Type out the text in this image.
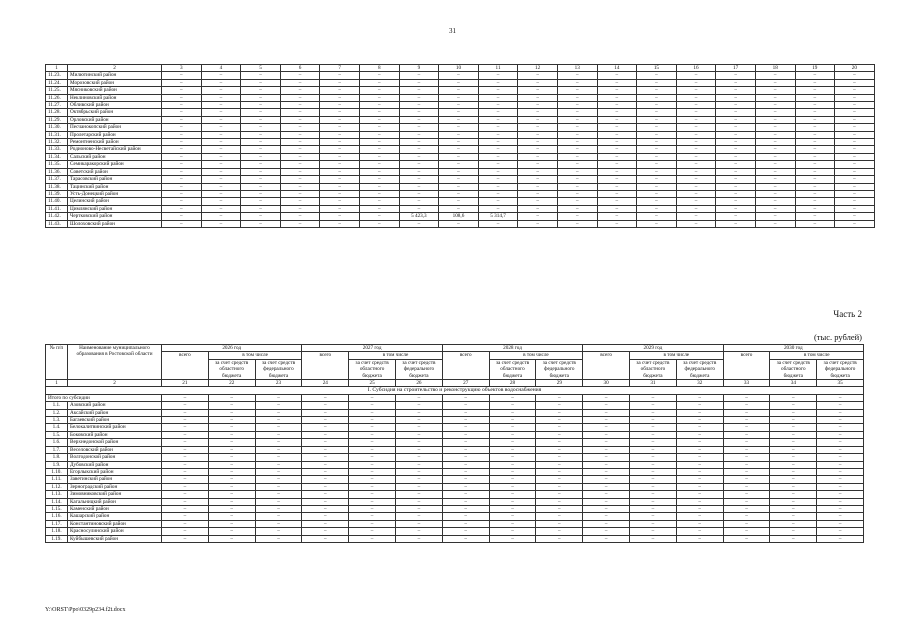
31
1	2	3	4	5	6	7	8	9	10	11	12	13	14	15	16	17	18	19	20
11.23.	Милютинский район	–	–	–	–	–	–	–	–	–	–	–	–	–	–	–	–	–	–
11.24.	Морозовский район	–	–	–	–	–	–	–	–	–	–	–	–	–	–	–	–	–	–
11.25.	Мясниковский район	–	–	–	–	–	–	–	–	–	–	–	–	–	–	–	–	–	–
11.26.	Неклиновский район	–	–	–	–	–	–	–	–	–	–	–	–	–	–	–	–	–	–
11.27.	Обливский район	–	–	–	–	–	–	–	–	–	–	–	–	–	–	–	–	–	–
11.28.	Октябрьский район	–	–	–	–	–	–	–	–	–	–	–	–	–	–	–	–	–	–
11.29.	Орловский район	–	–	–	–	–	–	–	–	–	–	–	–	–	–	–	–	–	–
11.30.	Песчанокопский район	–	–	–	–	–	–	–	–	–	–	–	–	–	–	–	–	–	–
11.31.	Пролетарский район	–	–	–	–	–	–	–	–	–	–	–	–	–	–	–	–	–	–
11.32.	Ремонтненский район	–	–	–	–	–	–	–	–	–	–	–	–	–	–	–	–	–	–
11.33.	Родионово-Несветайский район	–	–	–	–	–	–	–	–	–	–	–	–	–	–	–	–	–	–
11.34.	Сальский район	–	–	–	–	–	–	–	–	–	–	–	–	–	–	–	–	–	–
11.35.	Семикаракорский район	–	–	–	–	–	–	–	–	–	–	–	–	–	–	–	–	–	–
11.36.	Советский район	–	–	–	–	–	–	–	–	–	–	–	–	–	–	–	–	–	–
11.37.	Тарасовский район	–	–	–	–	–	–	–	–	–	–	–	–	–	–	–	–	–	–
11.38.	Тацинский район	–	–	–	–	–	–	–	–	–	–	–	–	–	–	–	–	–	–
11.39.	Усть-Донецкий район	–	–	–	–	–	–	–	–	–	–	–	–	–	–	–	–	–	–
11.40.	Целинский район	–	–	–	–	–	–	–	–	–	–	–	–	–	–	–	–	–	–
11.41.	Цимлянский район	–	–	–	–	–	–	–	–	–	–	–	–	–	–	–	–	–	–
11.42.	Чертковский район	–	–	–	–	–	–	5 423,3	108,6	5 314,7	–	–	–	–	–	–	–	–	–
11.43.	Шолоховский район	–	–	–	–	–	–	–	–	–	–	–	–	–	–	–	–	–	–
Часть 2
(тыс. рублей)
№ п/п	Наименование муниципального образования в Ростовской области	2026 год			2027 год			2028 год			2029 год			2030 год		
		всего	в том числе		всего	в том числе		всего	в том числе		всего	в том числе		всего	в том числе	
			за счет средств областного бюджета	за счет средств федерального бюджета		за счет средств областного бюджета	за счет средств федерального бюджета		за счет средств областного бюджета	за счет средств федерального бюджета		за счет средств областного бюджета	за счет средств федерального бюджета		за счет средств областного бюджета	за счет средств федерального бюджета
1	2	21	22	23	24	25	26	27	28	29	30	31	32	33	34	35
I. Субсидия на строительство и реконструкцию объектов водоснабжения																
Итого по субсидии		–	–	–	–	–	–	–	–	–	–	–	–	–	–	–
1.1.	Азовский район	–	–	–	–	–	–	–	–	–	–	–	–	–	–	–
1.2.	Аксайский район	–	–	–	–	–	–	–	–	–	–	–	–	–	–	–
1.3.	Багаевский район	–	–	–	–	–	–	–	–	–	–	–	–	–	–	–
1.4.	Белокалитвинский район	–	–	–	–	–	–	–	–	–	–	–	–	–	–	–
1.5.	Боковский район	–	–	–	–	–	–	–	–	–	–	–	–	–	–	–
1.6.	Верхнедонской район	–	–	–	–	–	–	–	–	–	–	–	–	–	–	–
1.7.	Веселовский район	–	–	–	–	–	–	–	–	–	–	–	–	–	–	–
1.8.	Волгодонской район	–	–	–	–	–	–	–	–	–	–	–	–	–	–	–
1.9.	Дубовский район	–	–	–	–	–	–	–	–	–	–	–	–	–	–	–
1.10.	Егорлыкский район	–	–	–	–	–	–	–	–	–	–	–	–	–	–	–
1.11.	Заветинский район	–	–	–	–	–	–	–	–	–	–	–	–	–	–	–
1.12.	Зерноградский район	–	–	–	–	–	–	–	–	–	–	–	–	–	–	–
1.13.	Зимовниковский район	–	–	–	–	–	–	–	–	–	–	–	–	–	–	–
1.14.	Кагальницкий район	–	–	–	–	–	–	–	–	–	–	–	–	–	–	–
1.15.	Каменский район	–	–	–	–	–	–	–	–	–	–	–	–	–	–	–
1.16.	Кашарский район	–	–	–	–	–	–	–	–	–	–	–	–	–	–	–
1.17.	Константиновский район	–	–	–	–	–	–	–	–	–	–	–	–	–	–	–
1.18.	Красносулинский район	–	–	–	–	–	–	–	–	–	–	–	–	–	–	–
1.19.	Куйбышевский район	–	–	–	–	–	–	–	–	–	–	–	–	–	–	–
Y:\ORST\Ppo\0329p234.f2t.docx
